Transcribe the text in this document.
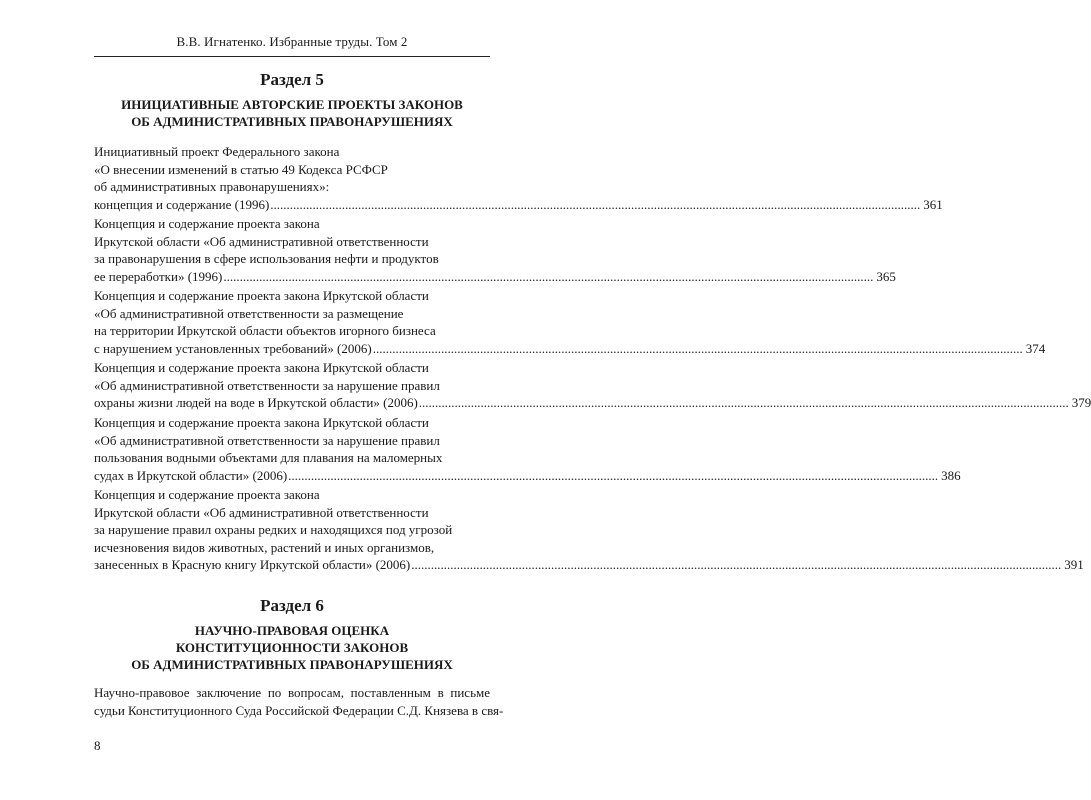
В.В. Игнатенко. Избранные труды. Том 2
Раздел 5
ИНИЦИАТИВНЫЕ АВТОРСКИЕ ПРОЕКТЫ ЗАКОНОВ
ОБ АДМИНИСТРАТИВНЫХ ПРАВОНАРУШЕНИЯХ
Инициативный проект Федерального закона
«О внесении изменений в статью 49 Кодекса РСФСР
об административных правонарушениях»:
концепция и содержание (1996) ........................................................................................................................................................................................................ 361
Концепция и содержание проекта закона
Иркутской области «Об административной ответственности
за правонарушения в сфере использования нефти и продуктов
ее переработки» (1996) ........................................................................................................................................................................................................ 365
Концепция и содержание проекта закона Иркутской области
«Об административной ответственности за размещение
на территории Иркутской области объектов игорного бизнеса
с нарушением установленных требований» (2006) ........................................................................................................................................................................................................ 374
Концепция и содержание проекта закона Иркутской области
«Об административной ответственности за нарушение правил
охраны жизни людей на воде в Иркутской области» (2006) ........................................................................................................................................................................................................ 379
Концепция и содержание проекта закона Иркутской области
«Об административной ответственности за нарушение правил
пользования водными объектами для плавания на маломерных
судах в Иркутской области» (2006) ........................................................................................................................................................................................................ 386
Концепция и содержание проекта закона
Иркутской области «Об административной ответственности
за нарушение правил охраны редких и находящихся под угрозой
исчезновения видов животных, растений и иных организмов,
занесенных в Красную книгу Иркутской области» (2006) ........................................................................................................................................................................................................ 391
Раздел 6
НАУЧНО-ПРАВОВАЯ ОЦЕНКА
КОНСТИТУЦИОННОСТИ ЗАКОНОВ
ОБ АДМИНИСТРАТИВНЫХ ПРАВОНАРУШЕНИЯХ
Научно-правовое заключение по вопросам, поставленным в письме
судьи Конституционного Суда Российской Федерации С.Д. Князева в свя-
8
